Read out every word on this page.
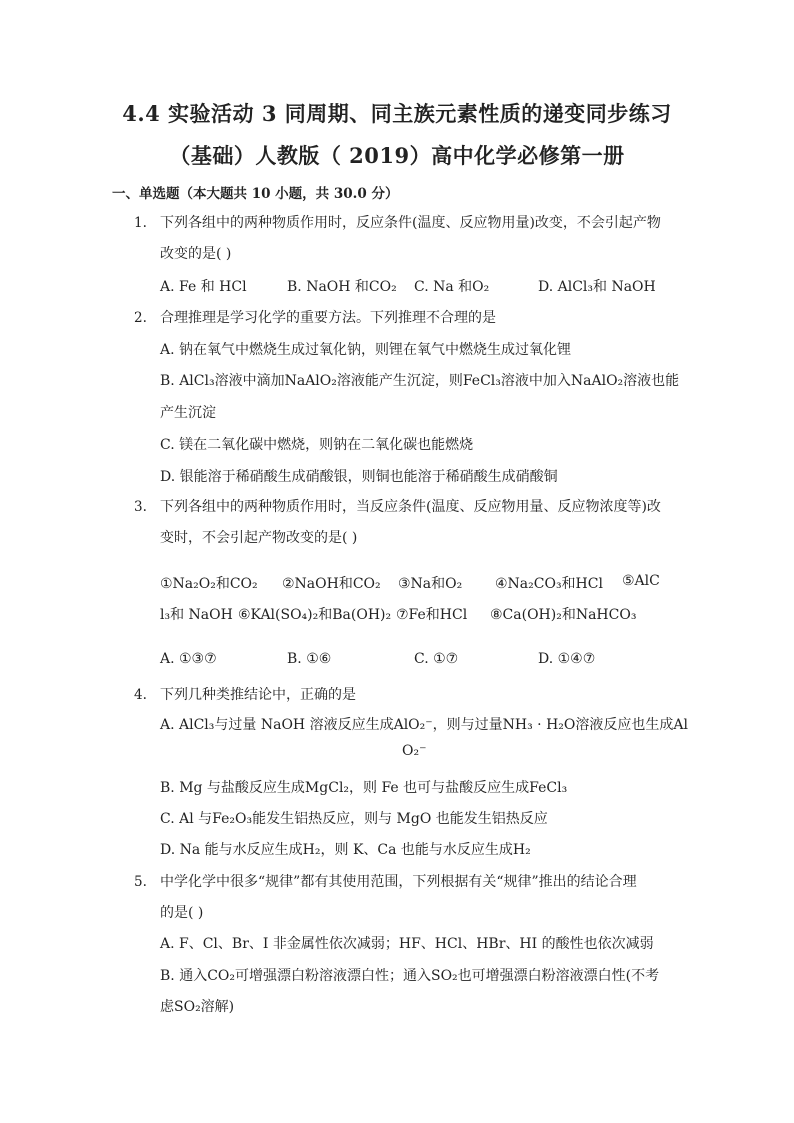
4.4 实验活动 3 同周期、同主族元素性质的递变同步练习
（基础）人教版（ 2019）高中化学必修第一册
一、单选题（本大题共 10 小题，共 30.0 分）
1. 下列各组中的两种物质作用时，反应条件(温度、反应物用量)改变，不会引起产物
改变的是( )
A. Fe 和 HCl	B. NaOH 和CO₂ C. Na 和O₂	D. AlCl₃和 NaOH
2. 合理推理是学习化学的重要方法。下列推理不合理的是
A. 钠在氧气中燃烧生成过氧化钠，则锂在氧气中燃烧生成过氧化锂
B. AlCl₃溶液中滴加NaAlO₂溶液能产生沉淀，则FeCl₃溶液中加入NaAlO₂溶液也能
产生沉淀
C. 镁在二氧化碳中燃烧，则钠在二氧化碳也能燃烧
D. 银能溶于稀硝酸生成硝酸银，则铜也能溶于稀硝酸生成硝酸铜
3. 下列各组中的两种物质作用时，当反应条件(温度、反应物用量、反应物浓度等)改
变时，不会引起产物改变的是( )
①Na₂O₂和CO₂ ②NaOH和CO₂ ③Na和O₂ ④Na₂CO₃和HCl ⑤AlC
l₃和 NaOH ⑥KAl(SO₄)₂和Ba(OH)₂ ⑦Fe和HCl ⑧Ca(OH)₂和NaHCO₃
A. ①③⑦	B. ①⑥	C. ①⑦	D. ①④⑦
4. 下列几种类推结论中，正确的是
A. AlCl₃与过量 NaOH 溶液反应生成AlO₂⁻，则与过量NH₃ · H₂O溶液反应也生成Al
O₂⁻
B. Mg 与盐酸反应生成MgCl₂，则 Fe 也可与盐酸反应生成FeCl₃
C. Al 与Fe₂O₃能发生铝热反应，则与 MgO 也能发生铝热反应
D. Na 能与水反应生成H₂，则 K、Ca 也能与水反应生成H₂
5. 中学化学中很多“规律”都有其使用范围，下列根据有关“规律”推出的结论合理
的是( )
A. F、Cl、Br、I 非金属性依次减弱；HF、HCl、HBr、HI 的酸性也依次减弱
B. 通入CO₂可增强漂白粉溶液漂白性；通入SO₂也可增强漂白粉溶液漂白性(不考
虑SO₂溶解)
